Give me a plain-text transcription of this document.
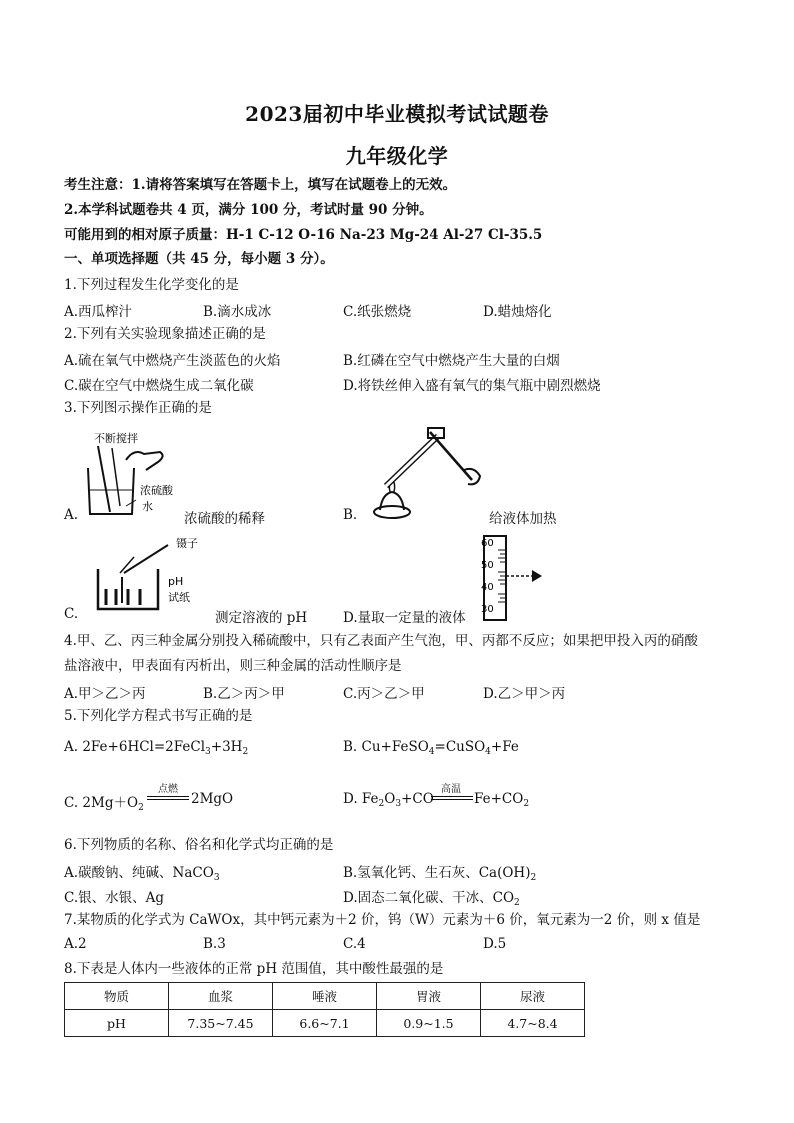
2023届初中毕业模拟考试试题卷
九年级化学
考生注意：1.请将答案填写在答题卡上，填写在试题卷上的无效。
2.本学科试题卷共 4 页，满分 100 分，考试时量 90 分钟。
可能用到的相对原子质量：H-1 C-12 O-16 Na-23 Mg-24 Al-27 Cl-35.5
一、单项选择题（共 45 分，每小题 3 分）。
1.下列过程发生化学变化的是
A.西瓜榨汁	B.滴水成冰	C.纸张燃烧	D.蜡烛熔化
2.下列有关实验现象描述正确的是
A.硫在氧气中燃烧产生淡蓝色的火焰	B.红磷在空气中燃烧产生大量的白烟
C.碳在空气中燃烧生成二氧化碳	D.将铁丝伸入盛有氧气的集气瓶中剧烈燃烧
3.下列图示操作正确的是
不断搅拌
浓硫酸
水
A.	浓硫酸的稀释	B.	给液体加热
镊子
pH
试纸
C.	测定溶液的 pH
60
50
40
30
D.量取一定量的液体
4.甲、乙、丙三种金属分别投入稀硫酸中，只有乙表面产生气泡，甲、丙都不反应；如果把甲投入丙的硝酸
盐溶液中，甲表面有丙析出，则三种金属的活动性顺序是
A.甲＞乙＞丙	B.乙＞丙＞甲	C.丙＞乙＞甲	D.乙＞甲＞丙
5.下列化学方程式书写正确的是
A. $2Fe+6HCl=2FeCl_3+3H_2$	B. Cu+FeSO$_4$=CuSO$_4$+Fe
C. $2Mg+O_2$
点燃
2MgO	D. $Fe_2O_3+CO$
高温
$Fe+CO_2$
6.下列物质的名称、俗名和化学式均正确的是
A.碳酸钠、纯碱、NaCO$_3$	B.氢氧化钙、生石灰、$Ca(OH)_2$
C.银、水银、Ag	D.固态二氧化碳、干冰、$CO_2$
7.某物质的化学式为 CaWOx，其中钙元素为＋2 价，钨（W）元素为＋6 价，氧元素为一2 价，则 x 值是
A.2	B.3	C.4	D.5
8.下表是人体内一些液体的正常 pH 范围值，其中酸性最强的是
物质	血浆	唾液	胃液	尿液
pH	7.35~7.45	6.6~7.1	0.9~1.5	4.7~8.4
